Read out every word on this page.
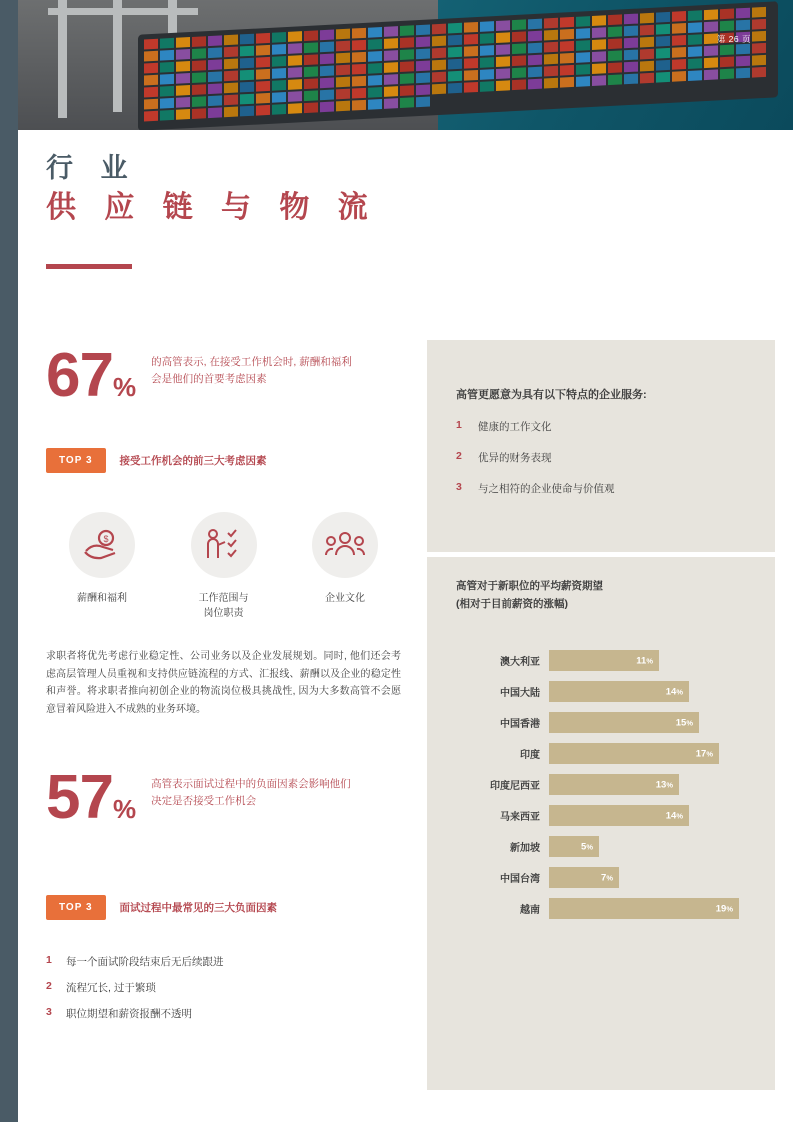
第 26 页
行 业
供 应 链 与 物 流
67%
的高管表示, 在接受工作机会时, 薪酬和福利会是他们的首要考虑因素
TOP 3	接受工作机会的前三大考虑因素
$
薪酬和福利	工作范围与
岗位职责
企业文化
求职者将优先考虑行业稳定性、公司业务以及企业发展规划。同时, 他们还会考虑高层管理人员重视和支持供应链流程的方式、汇报线、薪酬以及企业的稳定性和声誉。将求职者推向初创企业的物流岗位极具挑战性, 因为大多数高管不会愿意冒着风险进入不成熟的业务环境。
57%
高管表示面试过程中的负面因素会影响他们决定是否接受工作机会
TOP 3	面试过程中最常见的三大负面因素
1	每一个面试阶段结束后无后续跟进
2	流程冗长, 过于繁琐
3	职位期望和薪资报酬不透明
高管更愿意为具有以下特点的企业服务:
1	健康的工作文化
2	优异的财务表现
3	与之相符的企业使命与价值观
高管对于新职位的平均薪资期望
(相对于目前薪资的涨幅)
澳大利亚	11%
中国大陆	14%
中国香港	15%
印度	17%
印度尼西亚	13%
马来西亚	14%
新加坡	5%
中国台湾	7%
越南	19%
